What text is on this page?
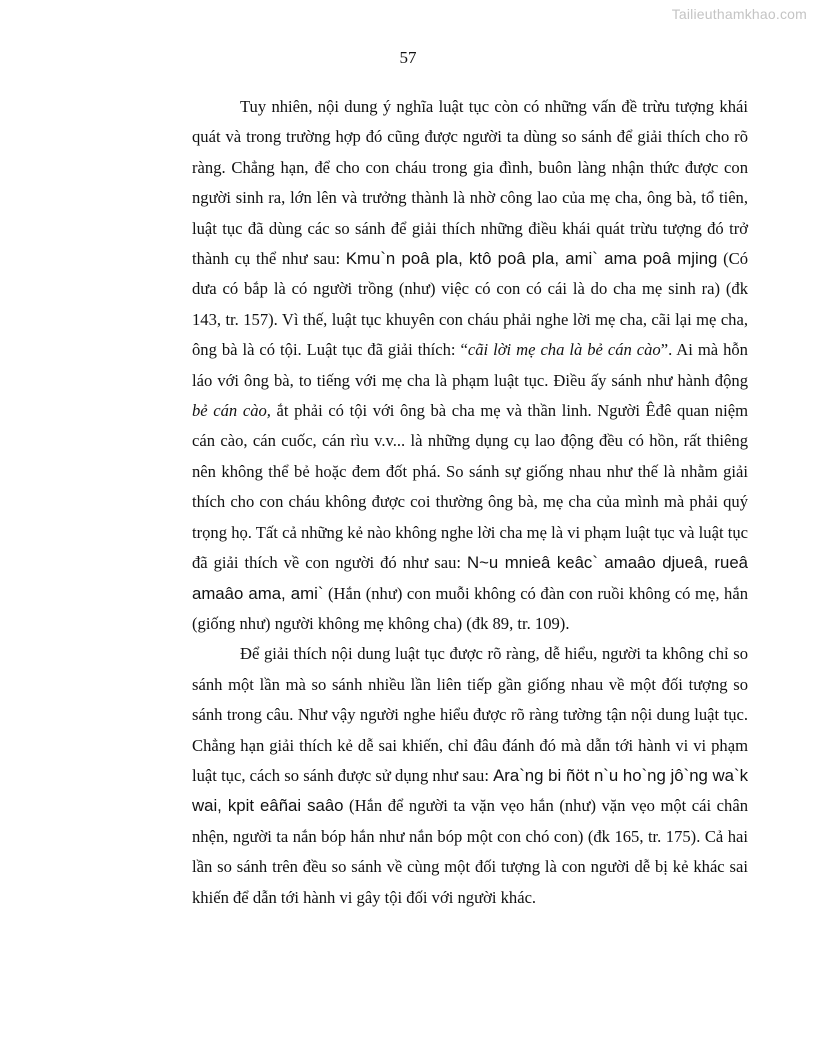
Tailieuthamkhao.com
57

Tuy nhiên, nội dung ý nghĩa luật tục còn có những vấn đề trừu tượng khái quát và trong trường hợp đó cũng được người ta dùng so sánh để giải thích cho rõ ràng. Chẳng hạn, để cho con cháu trong gia đình, buôn làng nhận thức được con người sinh ra, lớn lên và trưởng thành là nhờ công lao của mẹ cha, ông bà, tổ tiên, luật tục đã dùng các so sánh để giải thích những điều khái quát trừu tượng đó trở thành cụ thể như sau: Kmu`n poâ pla, ktô poâ pla, ami` ama poâ mjing (Có dưa có bắp là có người trồng (như) việc có con có cái là do cha mẹ sinh ra) (đk 143, tr. 157). Vì thế, luật tục khuyên con cháu phải nghe lời mẹ cha, cãi lại mẹ cha, ông bà là có tội. Luật tục đã giải thích: “cãi lời mẹ cha là bẻ cán cào”. Ai mà hỗn láo với ông bà, to tiếng với mẹ cha là phạm luật tục. Điều ấy sánh như hành động bẻ cán cào, ắt phải có tội với ông bà cha mẹ và thần linh. Người Êđê quan niệm cán cào, cán cuốc, cán rìu v.v... là những dụng cụ lao động đều có hồn, rất thiêng nên không thể bẻ hoặc đem đốt phá. So sánh sự giống nhau như thế là nhằm giải thích cho con cháu không được coi thường ông bà, mẹ cha của mình mà phải quý trọng họ. Tất cả những kẻ nào không nghe lời cha mẹ là vi phạm luật tục và luật tục đã giải thích về con người đó như sau: N~u mnieâ keâc` amaâo djueâ, rueâ amaâo ama, ami` (Hắn (như) con muỗi không có đàn con ruồi không có mẹ, hắn (giống như) người không mẹ không cha) (đk 89, tr. 109).

Để giải thích nội dung luật tục được rõ ràng, dễ hiểu, người ta không chỉ so sánh một lần mà so sánh nhiều lần liên tiếp gần giống nhau về một đối tượng so sánh trong câu. Như vậy người nghe hiểu được rõ ràng tường tận nội dung luật tục. Chẳng hạn giải thích kẻ dễ sai khiến, chỉ đâu đánh đó mà dẫn tới hành vi vi phạm luật tục, cách so sánh được sử dụng như sau: Ara`ng bi ñöt n`u ho`ng jô`ng wa`k wai, kpit eâñai saâo (Hắn để người ta vặn vẹo hắn (như) vặn vẹo một cái chân nhện, người ta nắn bóp hắn như nắn bóp một con chó con) (đk 165, tr. 175). Cả hai lần so sánh trên đều so sánh về cùng một đối tượng là con người dễ bị kẻ khác sai khiến để dẫn tới hành vi gây tội đối với người khác.
